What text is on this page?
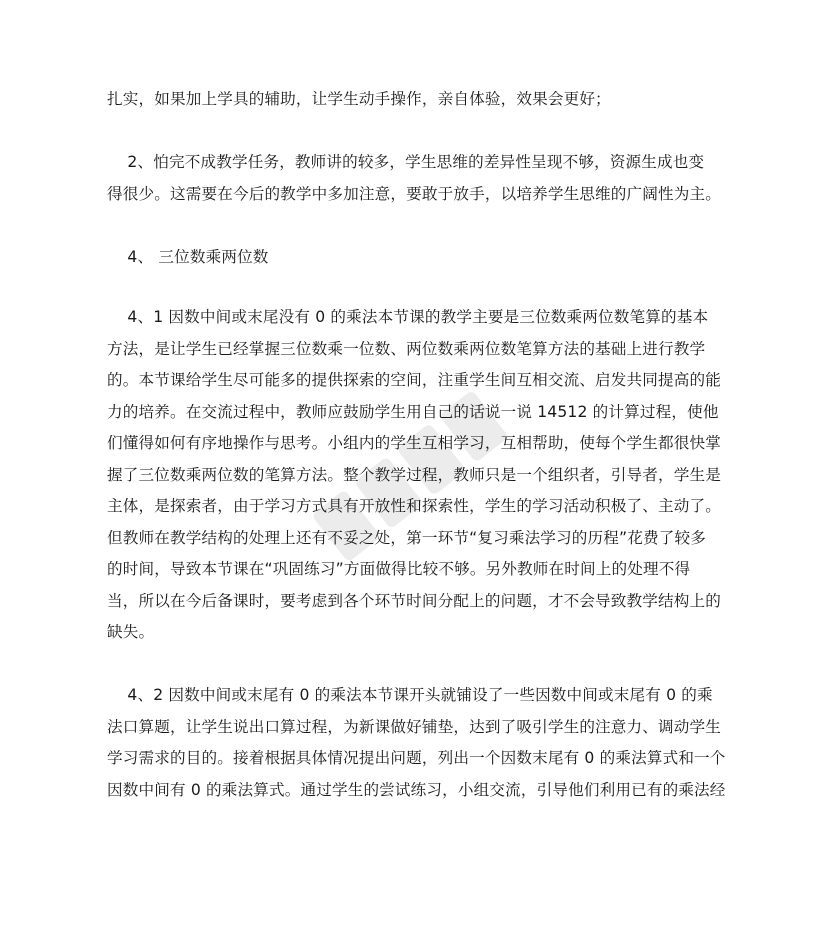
扎实，如果加上学具的辅助，让学生动手操作，亲自体验，效果会更好；
2、怕完不成教学任务，教师讲的较多，学生思维的差异性呈现不够，资源生成也变
得很少。这需要在今后的教学中多加注意，要敢于放手，以培养学生思维的广阔性为主。
4、 三位数乘两位数
4、1 因数中间或末尾没有 0 的乘法本节课的教学主要是三位数乘两位数笔算的基本
方法，是让学生已经掌握三位数乘一位数、两位数乘两位数笔算方法的基础上进行教学
的。本节课给学生尽可能多的提供探索的空间，注重学生间互相交流、启发共同提高的能
力的培养。在交流过程中，教师应鼓励学生用自己的话说一说 14512 的计算过程，使他
们懂得如何有序地操作与思考。小组内的学生互相学习，互相帮助，使每个学生都很快掌
握了三位数乘两位数的笔算方法。整个教学过程，教师只是一个组织者，引导者，学生是
主体，是探索者，由于学习方式具有开放性和探索性，学生的学习活动积极了、主动了。
但教师在教学结构的处理上还有不妥之处，第一环节“复习乘法学习的历程”花费了较多
的时间，导致本节课在“巩固练习”方面做得比较不够。另外教师在时间上的处理不得
当，所以在今后备课时，要考虑到各个环节时间分配上的问题，才不会导致教学结构上的
缺失。
4、2 因数中间或末尾有 0 的乘法本节课开头就铺设了一些因数中间或末尾有 0 的乘
法口算题，让学生说出口算过程，为新课做好铺垫，达到了吸引学生的注意力、调动学生
学习需求的目的。接着根据具体情况提出问题，列出一个因数末尾有 0 的乘法算式和一个
因数中间有 0 的乘法算式。通过学生的尝试练习，小组交流，引导他们利用已有的乘法经
